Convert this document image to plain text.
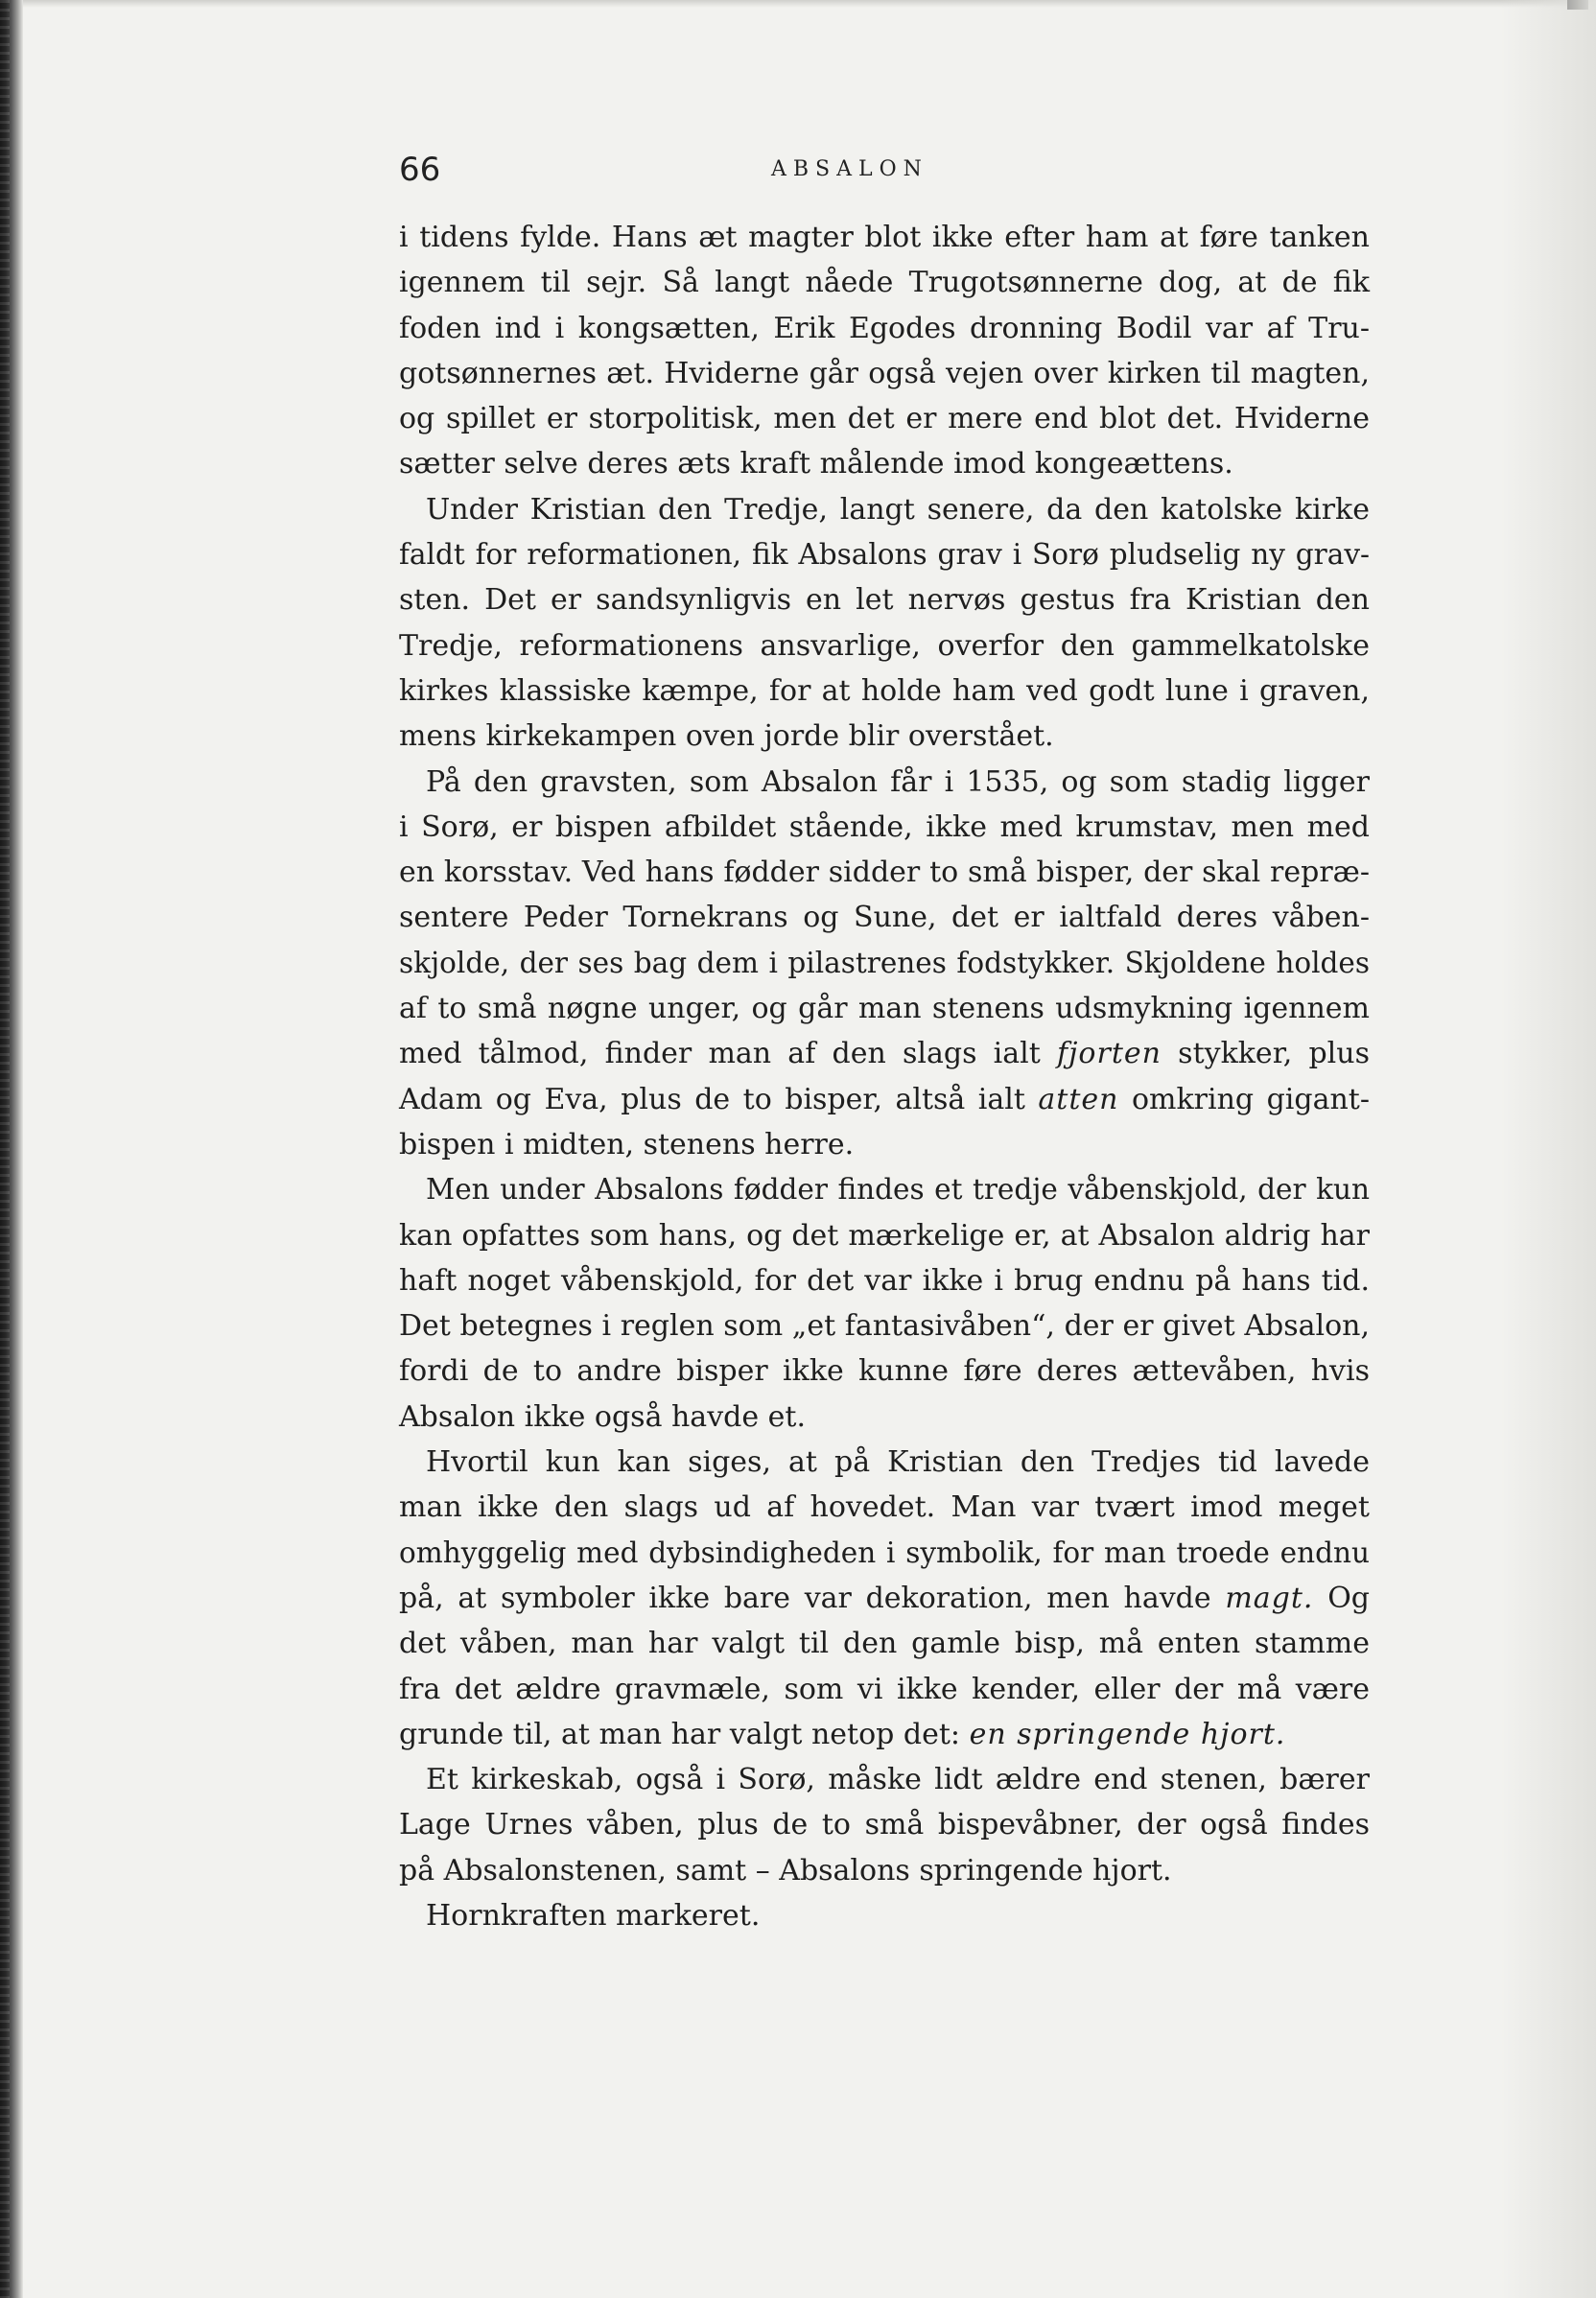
66	ABSALON
i tidens fylde. Hans æt magter blot ikke efter ham at føre tanken
igennem til sejr. Så langt nåede Trugotsønnerne dog, at de fik
foden ind i kongsætten, Erik Egodes dronning Bodil var af Tru-
gotsønnernes æt. Hviderne går også vejen over kirken til magten,
og spillet er storpolitisk, men det er mere end blot det. Hviderne
sætter selve deres æts kraft målende imod kongeættens.
Under Kristian den Tredje, langt senere, da den katolske kirke
faldt for reformationen, fik Absalons grav i Sorø pludselig ny grav-
sten. Det er sandsynligvis en let nervøs gestus fra Kristian den
Tredje, reformationens ansvarlige, overfor den gammelkatolske
kirkes klassiske kæmpe, for at holde ham ved godt lune i graven,
mens kirkekampen oven jorde blir overstået.
På den gravsten, som Absalon får i 1535, og som stadig ligger
i Sorø, er bispen afbildet stående, ikke med krumstav, men med
en korsstav. Ved hans fødder sidder to små bisper, der skal repræ-
sentere Peder Tornekrans og Sune, det er ialtfald deres våben-
skjolde, der ses bag dem i pilastrenes fodstykker. Skjoldene holdes
af to små nøgne unger, og går man stenens udsmykning igennem
med tålmod, finder man af den slags ialt fjorten stykker, plus
Adam og Eva, plus de to bisper, altså ialt atten omkring gigant-
bispen i midten, stenens herre.
Men under Absalons fødder findes et tredje våbenskjold, der kun
kan opfattes som hans, og det mærkelige er, at Absalon aldrig har
haft noget våbenskjold, for det var ikke i brug endnu på hans tid.
Det betegnes i reglen som „et fantasivåben“, der er givet Absalon,
fordi de to andre bisper ikke kunne føre deres ættevåben, hvis
Absalon ikke også havde et.
Hvortil kun kan siges, at på Kristian den Tredjes tid lavede
man ikke den slags ud af hovedet. Man var tvært imod meget
omhyggelig med dybsindigheden i symbolik, for man troede endnu
på, at symboler ikke bare var dekoration, men havde magt. Og
det våben, man har valgt til den gamle bisp, må enten stamme
fra det ældre gravmæle, som vi ikke kender, eller der må være
grunde til, at man har valgt netop det: en springende hjort.
Et kirkeskab, også i Sorø, måske lidt ældre end stenen, bærer
Lage Urnes våben, plus de to små bispevåbner, der også findes
på Absalonstenen, samt – Absalons springende hjort.
Hornkraften markeret.
